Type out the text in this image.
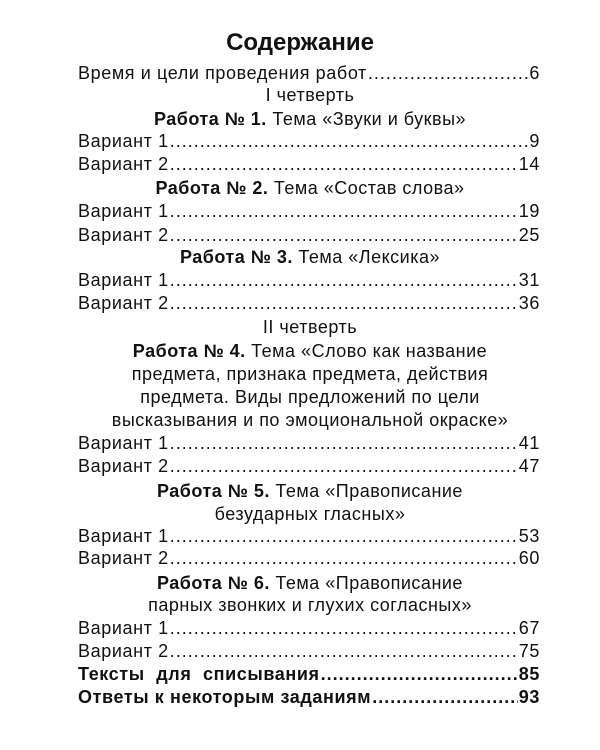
Содержание
Время и цели проведения работ .....	6
I четверть
Работа № 1. Тема «Звуки и буквы»
Вариант 1 .....	9
Вариант 2 .....	14
Работа № 2. Тема «Состав слова»
Вариант 1 .....	19
Вариант 2 .....	25
Работа № 3. Тема «Лексика»
Вариант 1 .....	31
Вариант 2 .....	36
II четверть
Работа № 4. Тема «Слово как название
предмета, признака предмета, действия
предмета. Виды предложений по цели
высказывания и по эмоциональной окраске»
Вариант 1 .....	41
Вариант 2 .....	47
Работа № 5. Тема «Правописание
безударных гласных»
Вариант 1 .....	53
Вариант 2 .....	60
Работа № 6. Тема «Правописание
парных звонких и глухих согласных»
Вариант 1 .....	67
Вариант 2 .....	75
Тексты для списывания .....	85
Ответы к некоторым заданиям .....	93
